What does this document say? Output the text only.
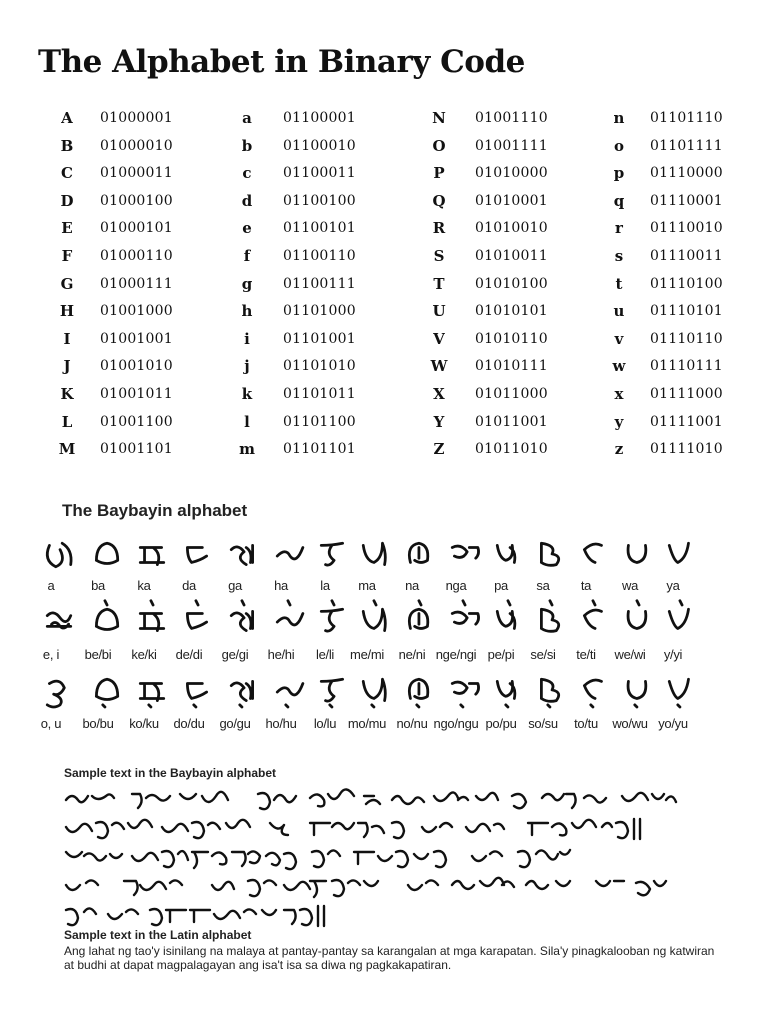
The Alphabet in Binary Code
A	01000001	a	01100001	N	01001110	n	01101110
B	01000010	b	01100010	O	01001111	o	01101111
C	01000011	c	01100011	P	01010000	p	01110000
D	01000100	d	01100100	Q	01010001	q	01110001
E	01000101	e	01100101	R	01010010	r	01110010
F	01000110	f	01100110	S	01010011	s	01110011
G	01000111	g	01100111	T	01010100	t	01110100
H	01001000	h	01101000	U	01010101	u	01110101
I	01001001	i	01101001	V	01010110	v	01110110
J	01001010	j	01101010	W	01010111	w	01110111
K	01001011	k	01101011	X	01011000	x	01111000
L	01001100	l	01101100	Y	01011001	y	01111001
M	01001101	m	01101101	Z	01011010	z	01111010
The Baybayin alphabet
a	ba	ka	da	ga	ha	la	ma	na	nga	pa	sa	ta	wa	ya
e, i	be/bi	ke/ki	de/di	ge/gi	he/hi	le/li	me/mi	ne/ni nge/ngi pe/pi	se/si	te/ti	we/wi	y/yi
o, u	bo/bu	ko/ku	do/du	go/gu	ho/hu	lo/lu mo/mu no/nu ngo/ngu po/pu so/su	to/tu	wo/wu yo/yu
Sample text in the Baybayin alphabet
Sample text in the Latin alphabet
Ang lahat ng tao'y isinilang na malaya at pantay-pantay sa karangalan at mga karapatan. Sila'y pinagkalooban ng katwiran at budhi at dapat magpalagayan ang isa't isa sa diwa ng pagkakapatiran.
